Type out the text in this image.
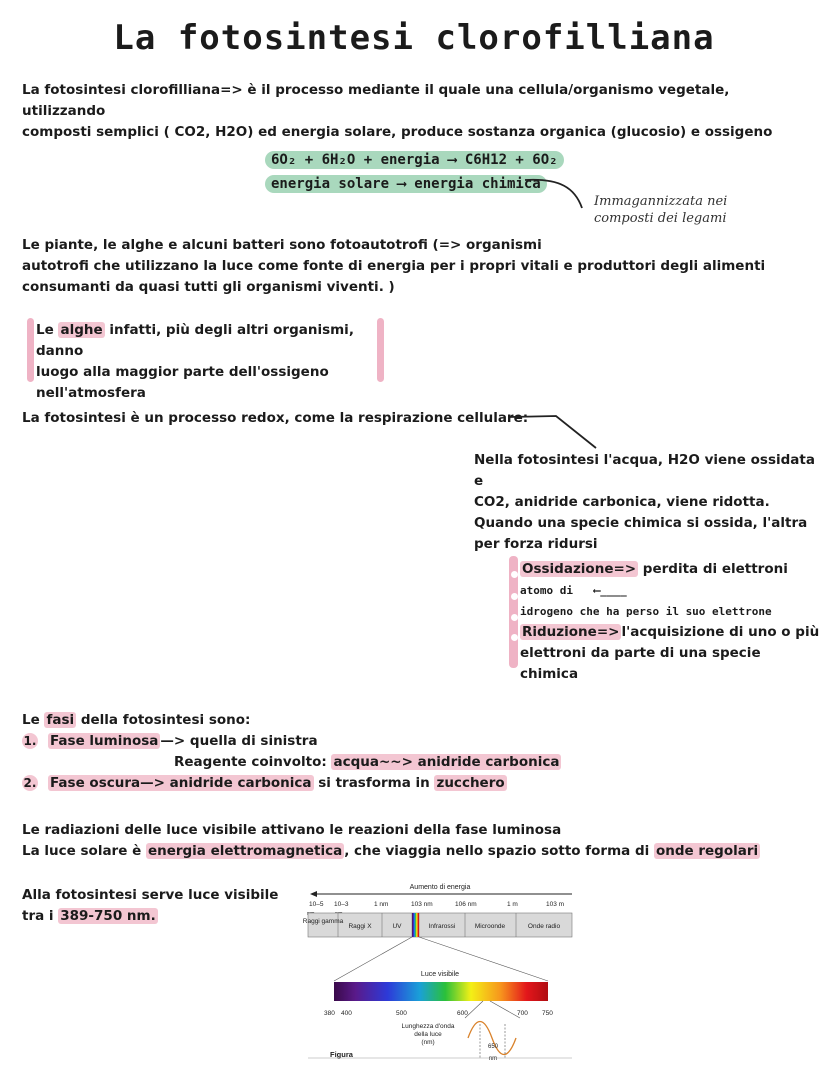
La fotosintesi clorofilliana
La fotosintesi clorofilliana=> è il processo mediante il quale una cellula/organismo vegetale, utilizzando
composti semplici ( CO2, H2O) ed energia solare, produce sostanza organica (glucosio) e ossigeno
6O₂ + 6H₂O + energia ⟶ C6H12 + 6O₂
energia solare ⟶ energia chimica
Immagannizzata nei
composti dei legami
Le piante, le alghe e alcuni batteri sono fotoautotrofi (=> organismi
autotrofi che utilizzano la luce come fonte di energia per i propri vitali e produttori degli alimenti
consumanti da quasi tutti gli organismi viventi. )
Le alghe infatti, più degli altri organismi, danno
luogo alla maggior parte dell'ossigeno
nell'atmosfera
La fotosintesi è un processo redox, come la respirazione cellulare:
Nella fotosintesi l'acqua, H2O viene ossidata e
CO2, anidride carbonica, viene ridotta.
Quando una specie chimica si ossida, l'altra
per forza ridursi
Ossidazione=> perdita di elettroni
atomo di ⟵____
idrogeno che ha perso il suo elettrone
Riduzione=> l'acquisizione di uno o più
elettroni da parte di una specie chimica
Le fasi della fotosintesi sono:
1. Fase luminosa —> quella di sinistra
Reagente coinvolto: acqua~~> anidride carbonica
2. Fase oscura—> anidride carbonica si trasforma in zucchero
Le radiazioni delle luce visibile attivano le reazioni della fase luminosa
La luce solare è energia elettromagnetica , che viaggia nello spazio sotto forma di onde regolari
Alla fotosintesi serve luce visibile
tra i 389-750 nm.
Aumento di energia
10–5 10–3	1 nm	103 nm	106 nm	1 m	103 m
Raggi gamma
Raggi X	UV	Infrarossi	Microonde	Onde radio
Luce visibile
380 400	500	600	700 750
Lunghezza d'onda
della luce
(nm)
650
nm
Figura
